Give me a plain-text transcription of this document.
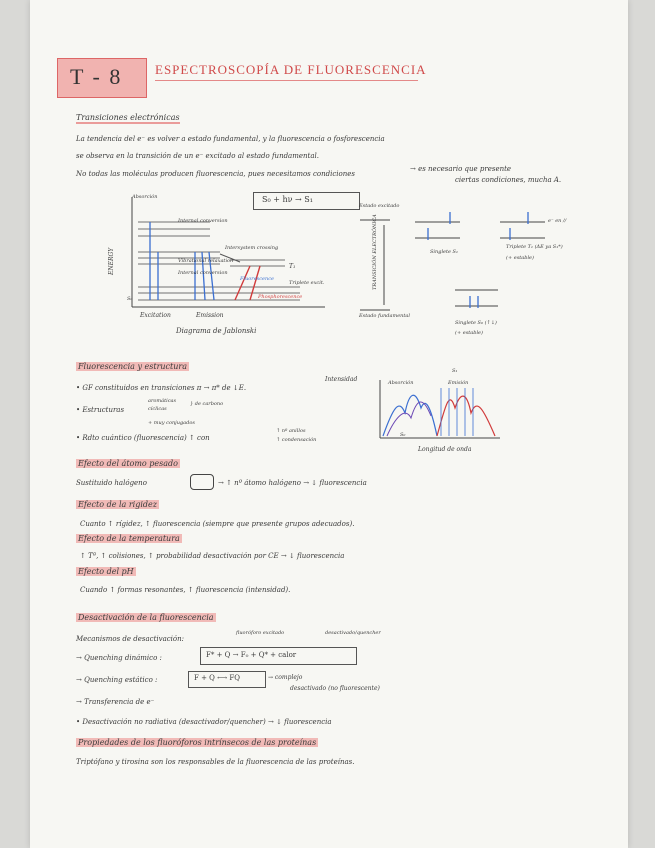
T - 8	ESPECTROSCOPÍA DE FLUORESCENCIA
Transiciones electrónicas
La tendencia del e⁻ es volver a estado fundamental, y la fluorescencia o fosforescencia
se observa en la transición de un e⁻ excitado al estado fundamental.
No todas las moléculas producen fluorescencia, pues necesitamos condiciones
→ es necesario que presente
ciertas condiciones, mucha A.
S₀ + hν → S₁
Absorción
Internal conversion
Vibrational relaxation
Internal conversion
Intersystem crossing
Fluorescence
Phosphorescence
T₁
Triplete excit.
S₀
ENERGY
Excitation	Emission
Diagrama de Jablonski
Estado excitado
Estado fundamental
TRANSICIÓN ELECTRÓNICA	Singlete S₁
Triplete T₁ (ΔE ya S₁*)
(+ estable)
e⁻ en //
Singlete S₀ (↑↓)
(+ estable)
Fluorescencia y estructura
• GF constituidos en transiciones π → π* de ↓E.
• Estructuras
aromáticas
cíclicas
} de carbono
+ muy conjugados
• Rdto cuántico (fluorescencia) ↑ con
↑ nº anillos
↑ condensación
Intensidad	Absorción	Emisión
S₁
S₀
Longitud de onda
Efecto del átomo pesado
Sustituido halógeno	→ ↑ nº átomo halógeno → ↓ fluorescencia
Efecto de la rigidez
Cuanto ↑ rígidez, ↑ fluorescencia (siempre que presente grupos adecuados).
Efecto de la temperatura
↑ Tª, ↑ colisiones, ↑ probabilidad desactivación por CE → ↓ fluorescencia
Efecto del pH
Cuando ↑ formas resonantes, ↑ fluorescencia (intensidad).
Desactivación de la fluorescencia
Mecanismos de desactivación:
fluoróforo excitado	desactivado/quencher
→ Quenching dinámico :	F* + Q → F₀ + Q* + calor
→ Quenching estático :	F + Q ⟷ FQ	→ complejo
desactivado (no fluorescente)
→ Transferencia de e⁻
• Desactivación no radiativa (desactivador/quencher) → ↓ fluorescencia
Propiedades de los fluoróforos intrínsecos de las proteínas
Triptófano y tirosina son los responsables de la fluorescencia de las proteínas.
